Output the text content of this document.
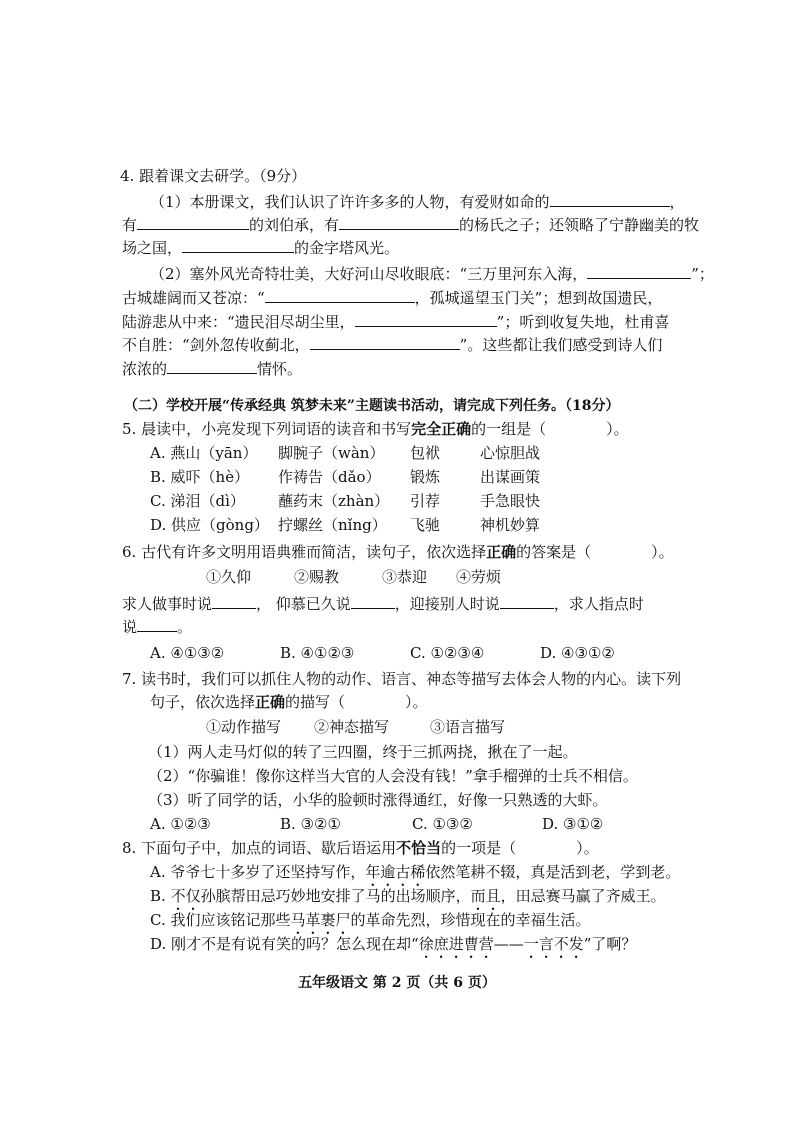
4. 跟着课文去研学。（9分）
（1）本册课文，我们认识了许许多多的人物，有爱财如命的	，
有	的刘伯承，有	的杨氏之子；还领略了宁静幽美的牧
场之国，	的金字塔风光。
（2）塞外风光奇特壮美，大好河山尽收眼底：“三万里河东入海，	”；
古城雄阔而又苍凉：“	，孤城遥望玉门关”；想到故国遗民，
陆游悲从中来：“遗民泪尽胡尘里，	”；听到收复失地，杜甫喜
不自胜：“剑外忽传收蓟北，	”。这些都让我们感受到诗人们
浓浓的	情怀。
（二）学校开展“传承经典 筑梦未来”主题读书活动，请完成下列任务。（18分）
5. 晨读中，小亮发现下列词语的读音和书写完全正确的一组是（	）。
A. 燕山（yān） 脚腕子（wàn） 包袱	心惊胆战
B. 威吓（hè） 作祷告（dǎo） 锻炼	出谋画策
C. 涕泪（dì） 蘸药末（zhàn） 引荐	手急眼快
D. 供应（gòng） 拧螺丝（nǐng） 飞驰	神机妙算
6. 古代有许多文明用语典雅而简洁，读句子，依次选择正确的答案是（	）。
①久仰	②赐教	③恭迎 ④劳烦
求人做事时说	， 仰慕已久说	，迎接别人时说	，求人指点时
说	。
A. ④①③②	B. ④①②③	C. ①②③④	D. ④③①②
7. 读书时，我们可以抓住人物的动作、语言、神态等描写去体会人物的内心。读下列
句子，依次选择正确的描写（	）。
①动作描写 ②神态描写	③语言描写
（1）两人走马灯似的转了三四圈，终于三抓两挠，揪在了一起。
（2）“你骗谁！像你这样当大官的人会没有钱！”拿手榴弹的士兵不相信。
（3）听了同学的话，小华的脸顿时涨得通红，好像一只熟透的大虾。
A. ①②③	B. ③②①	C. ①③②	D. ③①②
8. 下面句子中，加点的词语、歇后语运用不恰当的一项是（	）。
A. 爷爷七十多岁了还坚持写作，年逾古稀依然笔耕不辍，真是活到老，学到老。
B. 不仅孙膑帮田忌巧妙地安排了马的出场顺序，而且，田忌赛马赢了齐威王。
C. 我们应该铭记那些马革裹尸的革命先烈，珍惜现在的幸福生活。
D. 刚才不是有说有笑的吗？怎么现在却“徐庶进曹营——一言不发”了啊？
五年级语文 第 2 页（共 6 页）
